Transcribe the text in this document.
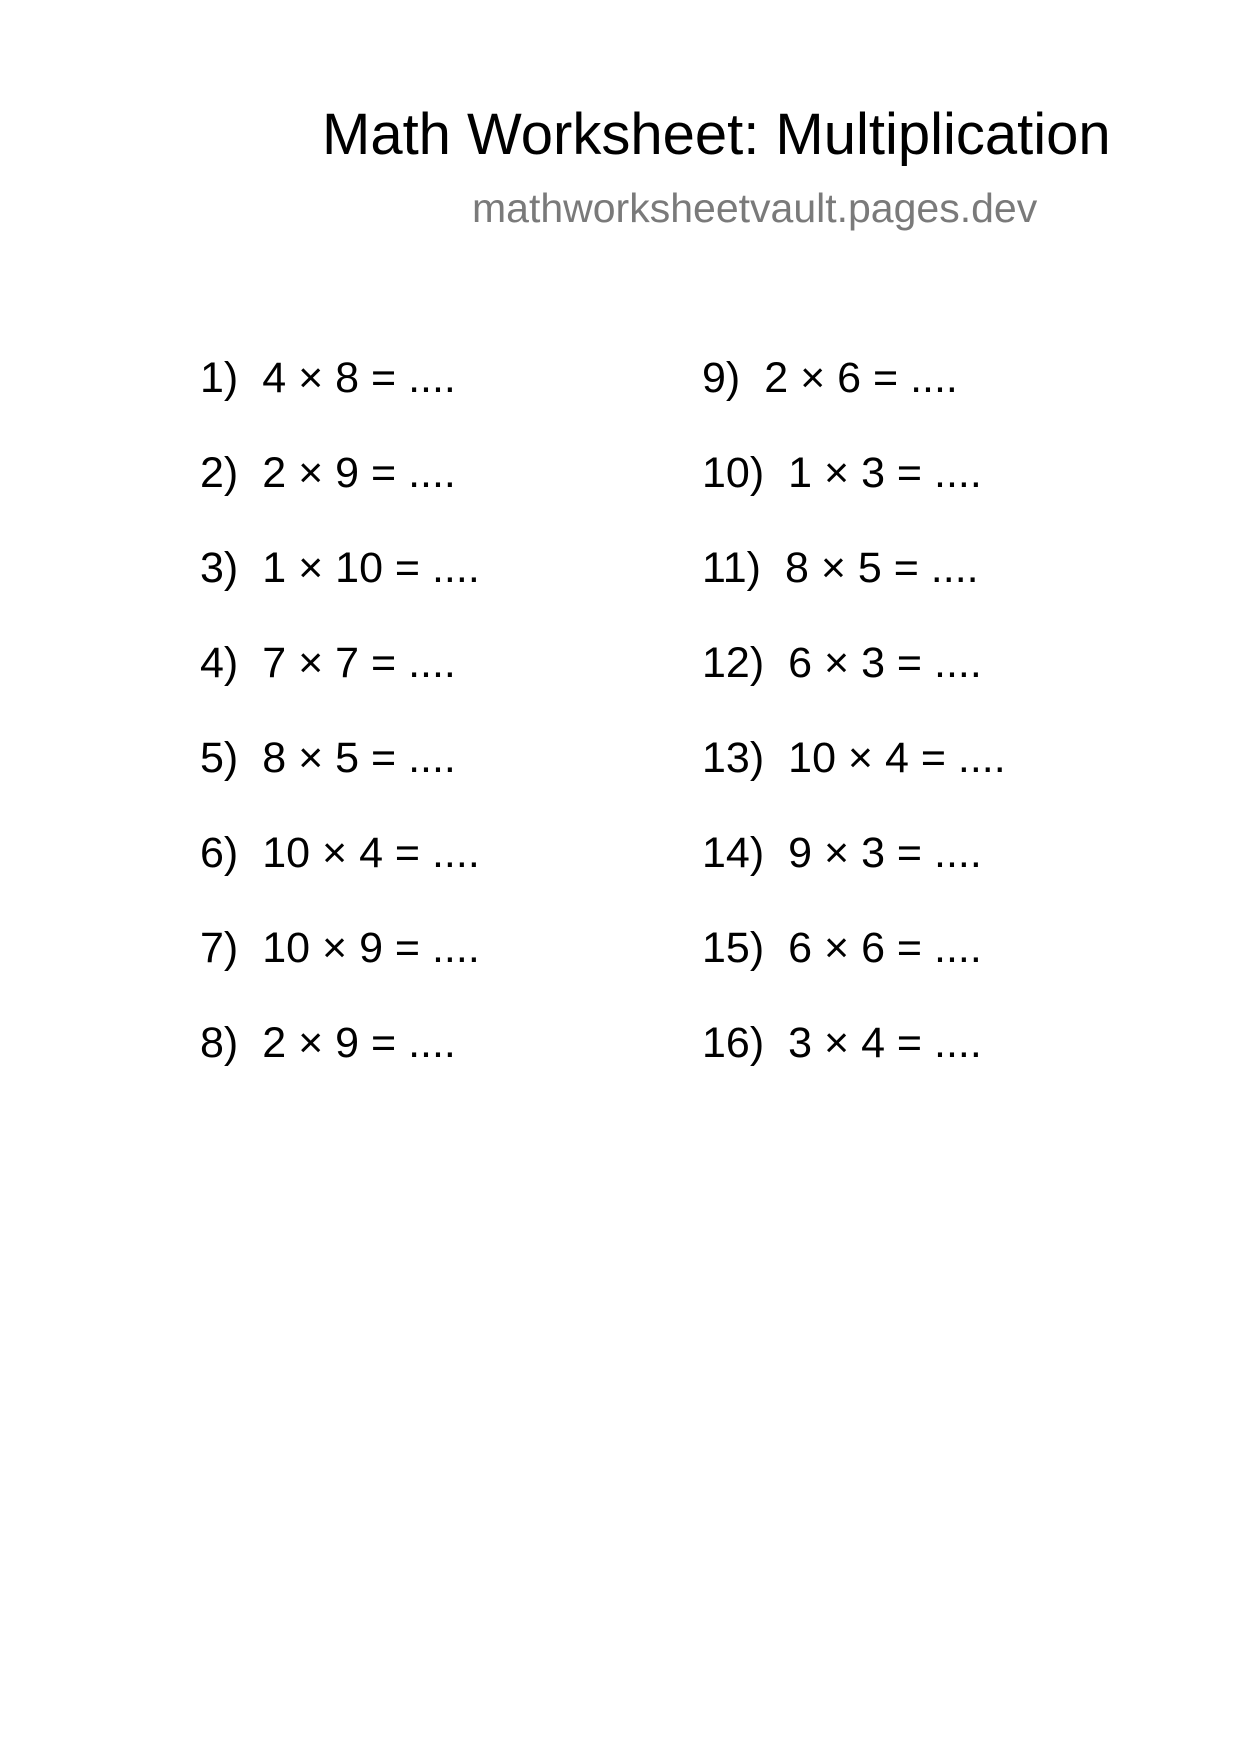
Math Worksheet: Multiplication
mathworksheetvault.pages.dev
1) 4 × 8 = ....
2) 2 × 9 = ....
3) 1 × 10 = ....
4) 7 × 7 = ....
5) 8 × 5 = ....
6) 10 × 4 = ....
7) 10 × 9 = ....
8) 2 × 9 = ....
9) 2 × 6 = ....
10) 1 × 3 = ....
11) 8 × 5 = ....
12) 6 × 3 = ....
13) 10 × 4 = ....
14) 9 × 3 = ....
15) 6 × 6 = ....
16) 3 × 4 = ....
